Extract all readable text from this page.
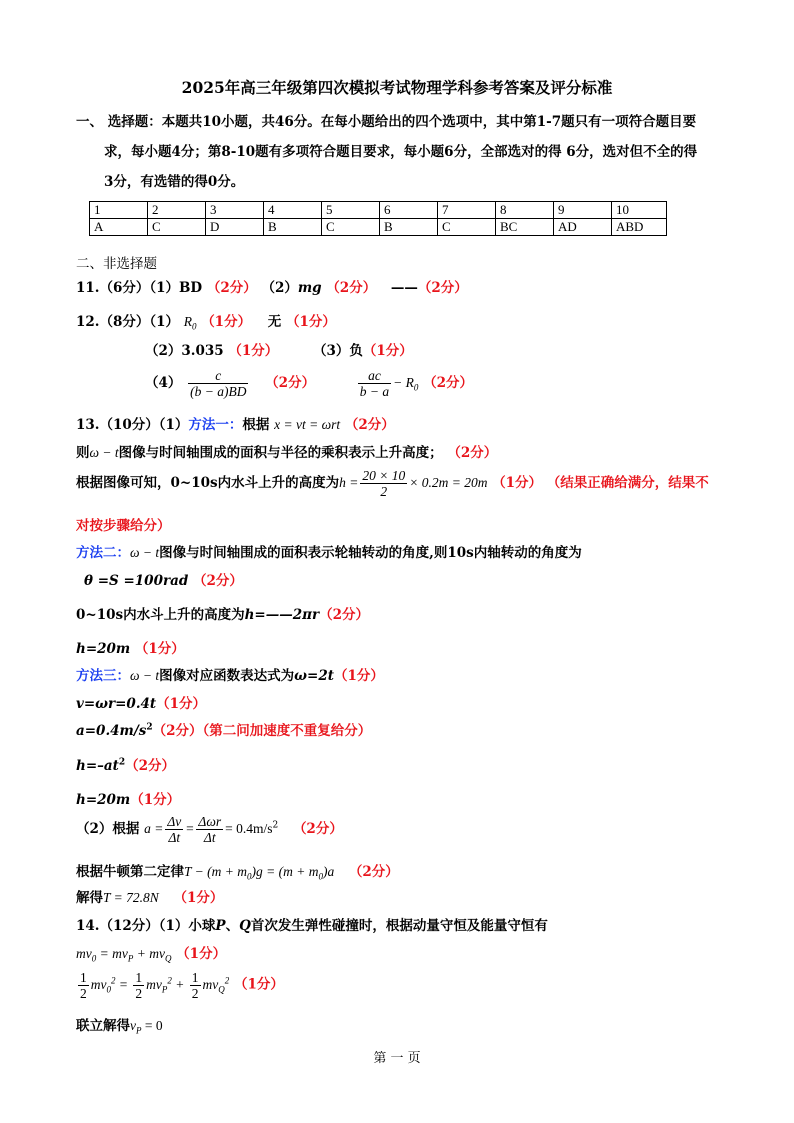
2025年高三年级第四次模拟考试物理学科参考答案及评分标准
一、 选择题：本题共10小题，共46分。在每小题给出的四个选项中，其中第1-7题只有一项符合题目要
求，每小题4分；第8-10题有多项符合题目要求，每小题6分，全部选对的得 6分，选对但不全的得
3分，有选错的得0分。
1	2	3	4	5	6	7	8	9	10
A	C	D	B	C	B	C	BC	AD	ABD
二、非选择题
11.（6分）（1）BD （2分） （2）mg （2分） ——（2分）
12.（8分）（1） $R_0$ （1分） 无 （1分）
（2）3.035 （1分）	（3）负（1分）
$(4) \frac{c}{(b - a)BD} (2$分）	$\frac{ac}{b - a} - R_0$ （2分）
13.（10分）（1）方法一：根据 x = vt = ωrt （2分）
则ω − t图像与时间轴围成的面积与半径的乘积表示上升高度； （2分）
根据图像可知，0~10s内水斗上升的高度为$h = \frac{20 \times 10}{2} \times 0.2m = 20m$ （1分） （结果正确给满分，结果不
对按步骤给分）
方法二：ω − t图像与时间轴围成的面积表示轮轴转动的角度,则10s内轴转动的角度为
θ =S =100rad （2分）
0~10s内水斗上升的高度为h=——2πr（2分）
h=20m （1分）
方法三：ω − t图像对应函数表达式为ω=2t（1分）
v=ωr=0.4t（1分）
$a=0.4m/s^2(2$分）（第二问加速度不重复给分）
$h=-at^2(2$分）
h=20m（1分）
（2）根据 $a = \frac{\Delta v}{\Delta t} = \frac{\text{Δωr}}{\Delta t} = 0.4m/s^2$ （2分）
根据牛顿第二定律$T - (m + m_0)g = (m + m_0)a$ （2分）
解得T = 72.8N （1分）
14.（12分）（1）小球P、Q首次发生弹性碰撞时，根据动量守恒及能量守恒有
$mv_0 = mv_P + mv_Q$ （1分）
$\frac{1}{2} mv_0^2 = \frac{1}{2} mv_P^2 + \frac{1}{2} mv_Q^2$ （1分）
联立解得$v_P = 0$
第 一 页
